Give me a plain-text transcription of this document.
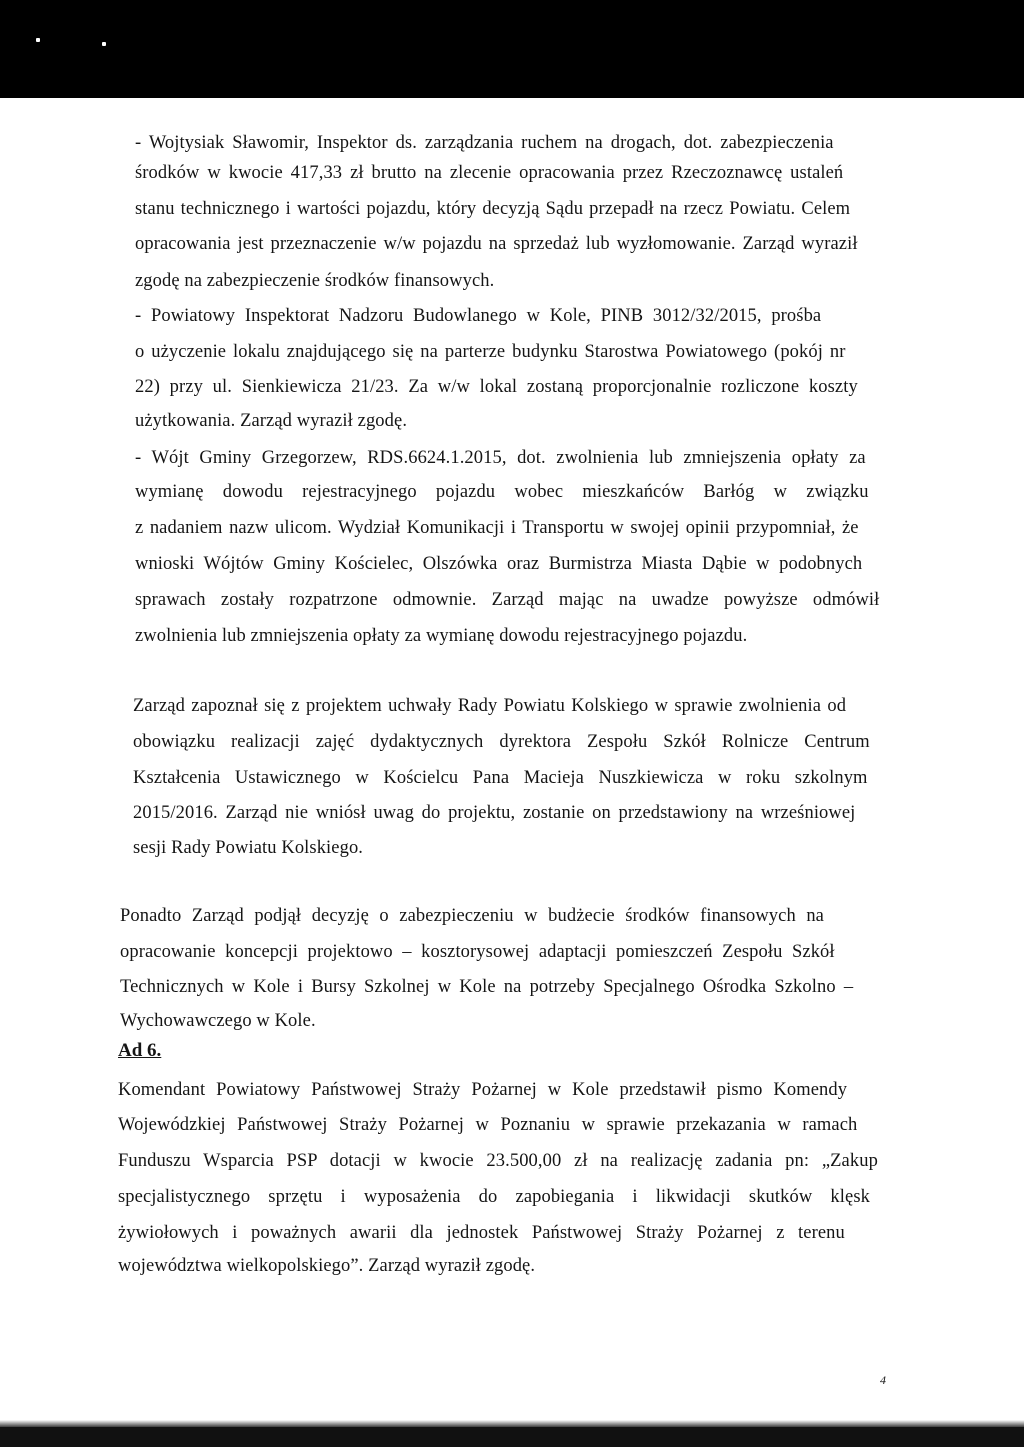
- Wojtysiak Sławomir, Inspektor ds. zarządzania ruchem na drogach, dot. zabezpieczenia
środków w kwocie 417,33 zł brutto na zlecenie opracowania przez Rzeczoznawcę ustaleń
stanu technicznego i wartości pojazdu, który decyzją Sądu przepadł na rzecz Powiatu. Celem
opracowania jest przeznaczenie w/w pojazdu na sprzedaż lub wyzłomowanie. Zarząd wyraził
zgodę na zabezpieczenie środków finansowych.
- Powiatowy Inspektorat Nadzoru Budowlanego w Kole, PINB 3012/32/2015, prośba
o użyczenie lokalu znajdującego się na parterze budynku Starostwa Powiatowego (pokój nr
22) przy ul. Sienkiewicza 21/23. Za w/w lokal zostaną proporcjonalnie rozliczone koszty
użytkowania. Zarząd wyraził zgodę.
- Wójt Gminy Grzegorzew, RDS.6624.1.2015, dot. zwolnienia lub zmniejszenia opłaty za
wymianę dowodu rejestracyjnego pojazdu wobec mieszkańców Barłóg w związku
z nadaniem nazw ulicom. Wydział Komunikacji i Transportu w swojej opinii przypomniał, że
wnioski Wójtów Gminy Kościelec, Olszówka oraz Burmistrza Miasta Dąbie w podobnych
sprawach zostały rozpatrzone odmownie. Zarząd mając na uwadze powyższe odmówił
zwolnienia lub zmniejszenia opłaty za wymianę dowodu rejestracyjnego pojazdu.
Zarząd zapoznał się z projektem uchwały Rady Powiatu Kolskiego w sprawie zwolnienia od
obowiązku realizacji zajęć dydaktycznych dyrektora Zespołu Szkół Rolnicze Centrum
Kształcenia Ustawicznego w Kościelcu Pana Macieja Nuszkiewicza w roku szkolnym
2015/2016. Zarząd nie wniósł uwag do projektu, zostanie on przedstawiony na wrześniowej
sesji Rady Powiatu Kolskiego.
Ponadto Zarząd podjął decyzję o zabezpieczeniu w budżecie środków finansowych na
opracowanie koncepcji projektowo – kosztorysowej adaptacji pomieszczeń Zespołu Szkół
Technicznych w Kole i Bursy Szkolnej w Kole na potrzeby Specjalnego Ośrodka Szkolno –
Wychowawczego w Kole.
Ad 6.
Komendant Powiatowy Państwowej Straży Pożarnej w Kole przedstawił pismo Komendy
Wojewódzkiej Państwowej Straży Pożarnej w Poznaniu w sprawie przekazania w ramach
Funduszu Wsparcia PSP dotacji w kwocie 23.500,00 zł na realizację zadania pn: „Zakup
specjalistycznego sprzętu i wyposażenia do zapobiegania i likwidacji skutków klęsk
żywiołowych i poważnych awarii dla jednostek Państwowej Straży Pożarnej z terenu
województwa wielkopolskiego”. Zarząd wyraził zgodę.
4
